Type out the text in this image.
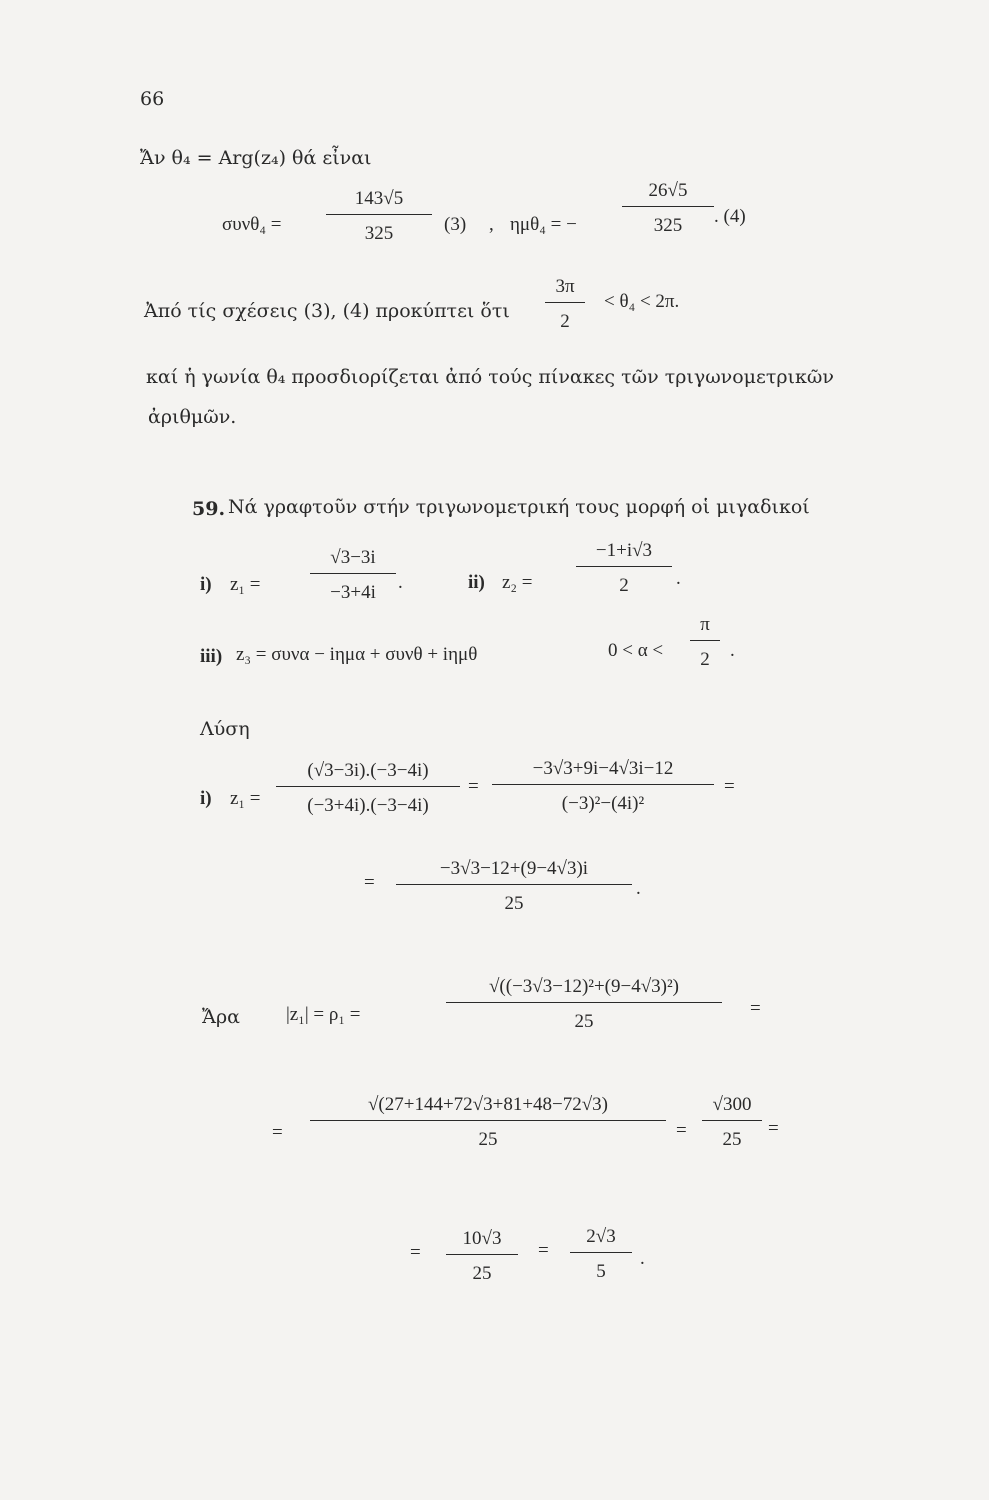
66
Ἄν θ₄ = Arg(z₄) θά εἶναι
συνθ₄ =
143√5
325	(3) , ημθ₄ = −
26√5
325 . (4)
Ἀπό τίς σχέσεις (3), (4) προκύπτει ὅτι
3π
2
< θ₄ < 2π.
καί ἡ γωνία θ₄ προσδιορίζεται ἀπό τούς πίνακες τῶν τριγωνομετρικῶν
ἀριθμῶν.
59. Νά γραφτοῦν στήν τριγωνομετρική τους μορφή οἱ μιγαδικοί
i) z₁ =
√3−3i
−3+4i .	ii) z₂ =
−1+i√3
2 .
iii) z₃ = συνα − iημα + συνθ + iημθ	0 < α <
π
2 .
Λύση
i) z₁ =
(√3−3i).(−3−4i)
(−3+4i).(−3−4i)
=
−3√3+9i−4√3i−12
(−3)²−(4i)²
=
=
−3√3−12+(9−4√3)i
25
.
Ἄρα |z₁| = ρ₁ =
√((−3√3−12)²+(9−4√3)²)
25
=
=
√(27+144+72√3+81+48−72√3)
25	=
√300
25
=
=
10√3
25
=
2√3
5
.
